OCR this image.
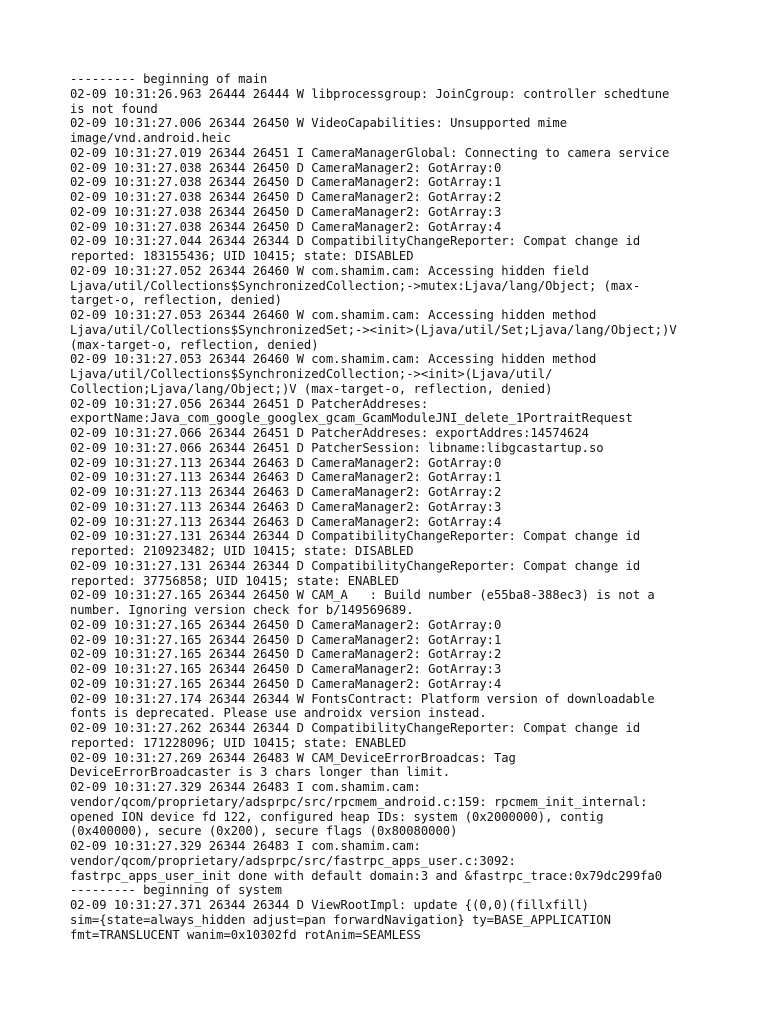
--------- beginning of main
02-09 10:31:26.963 26444 26444 W libprocessgroup: JoinCgroup: controller schedtune
is not found
02-09 10:31:27.006 26344 26450 W VideoCapabilities: Unsupported mime
image/vnd.android.heic
02-09 10:31:27.019 26344 26451 I CameraManagerGlobal: Connecting to camera service
02-09 10:31:27.038 26344 26450 D CameraManager2: GotArray:0
02-09 10:31:27.038 26344 26450 D CameraManager2: GotArray:1
02-09 10:31:27.038 26344 26450 D CameraManager2: GotArray:2
02-09 10:31:27.038 26344 26450 D CameraManager2: GotArray:3
02-09 10:31:27.038 26344 26450 D CameraManager2: GotArray:4
02-09 10:31:27.044 26344 26344 D CompatibilityChangeReporter: Compat change id
reported: 183155436; UID 10415; state: DISABLED
02-09 10:31:27.052 26344 26460 W com.shamim.cam: Accessing hidden field
Ljava/util/Collections$SynchronizedCollection;->mutex:Ljava/lang/Object; (max-
target-o, reflection, denied)
02-09 10:31:27.053 26344 26460 W com.shamim.cam: Accessing hidden method
Ljava/util/Collections$SynchronizedSet;-><init>(Ljava/util/Set;Ljava/lang/Object;)V
(max-target-o, reflection, denied)
02-09 10:31:27.053 26344 26460 W com.shamim.cam: Accessing hidden method
Ljava/util/Collections$SynchronizedCollection;-><init>(Ljava/util/
Collection;Ljava/lang/Object;)V (max-target-o, reflection, denied)
02-09 10:31:27.056 26344 26451 D PatcherAddreses:
exportName:Java_com_google_googlex_gcam_GcamModuleJNI_delete_1PortraitRequest
02-09 10:31:27.066 26344 26451 D PatcherAddreses: exportAddres:14574624
02-09 10:31:27.066 26344 26451 D PatcherSession: libname:libgcastartup.so
02-09 10:31:27.113 26344 26463 D CameraManager2: GotArray:0
02-09 10:31:27.113 26344 26463 D CameraManager2: GotArray:1
02-09 10:31:27.113 26344 26463 D CameraManager2: GotArray:2
02-09 10:31:27.113 26344 26463 D CameraManager2: GotArray:3
02-09 10:31:27.113 26344 26463 D CameraManager2: GotArray:4
02-09 10:31:27.131 26344 26344 D CompatibilityChangeReporter: Compat change id
reported: 210923482; UID 10415; state: DISABLED
02-09 10:31:27.131 26344 26344 D CompatibilityChangeReporter: Compat change id
reported: 37756858; UID 10415; state: ENABLED
02-09 10:31:27.165 26344 26450 W CAM_A   : Build number (e55ba8-388ec3) is not a
number. Ignoring version check for b/149569689.
02-09 10:31:27.165 26344 26450 D CameraManager2: GotArray:0
02-09 10:31:27.165 26344 26450 D CameraManager2: GotArray:1
02-09 10:31:27.165 26344 26450 D CameraManager2: GotArray:2
02-09 10:31:27.165 26344 26450 D CameraManager2: GotArray:3
02-09 10:31:27.165 26344 26450 D CameraManager2: GotArray:4
02-09 10:31:27.174 26344 26344 W FontsContract: Platform version of downloadable
fonts is deprecated. Please use androidx version instead.
02-09 10:31:27.262 26344 26344 D CompatibilityChangeReporter: Compat change id
reported: 171228096; UID 10415; state: ENABLED
02-09 10:31:27.269 26344 26483 W CAM_DeviceErrorBroadcas: Tag
DeviceErrorBroadcaster is 3 chars longer than limit.
02-09 10:31:27.329 26344 26483 I com.shamim.cam:
vendor/qcom/proprietary/adsprpc/src/rpcmem_android.c:159: rpcmem_init_internal:
opened ION device fd 122, configured heap IDs: system (0x2000000), contig
(0x400000), secure (0x200), secure flags (0x80080000)
02-09 10:31:27.329 26344 26483 I com.shamim.cam:
vendor/qcom/proprietary/adsprpc/src/fastrpc_apps_user.c:3092:
fastrpc_apps_user_init done with default domain:3 and &fastrpc_trace:0x79dc299fa0
--------- beginning of system
02-09 10:31:27.371 26344 26344 D ViewRootImpl: update {(0,0)(fillxfill)
sim={state=always_hidden adjust=pan forwardNavigation} ty=BASE_APPLICATION
fmt=TRANSLUCENT wanim=0x10302fd rotAnim=SEAMLESS
